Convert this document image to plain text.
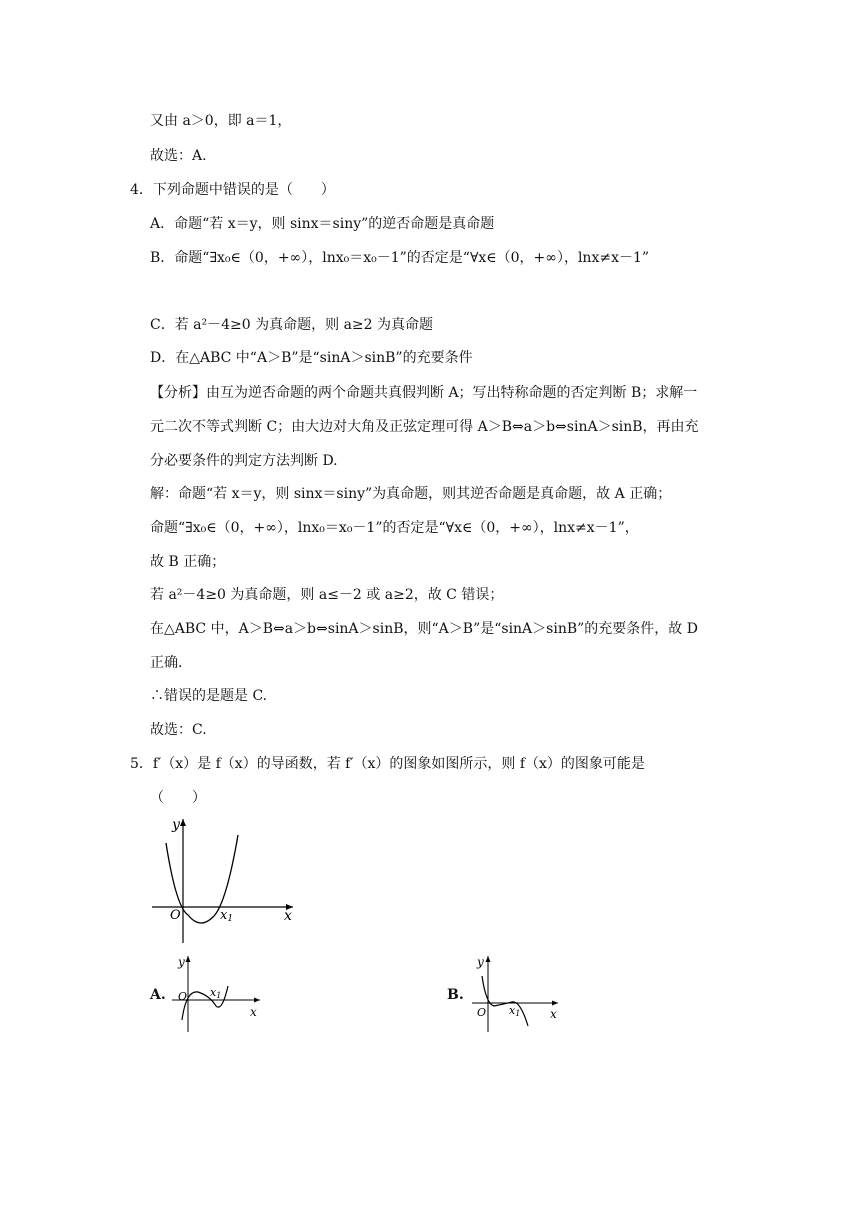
又由 a＞0，即 a＝1，
故选：A.
4．下列命题中错误的是（　　）
A．命题“若 x＝y，则 sinx＝siny”的逆否命题是真命题
B．命题“∃x₀∈（0，+∞），lnx₀＝x₀－1”的否定是“∀x∈（0，+∞），lnx≠x－1”
C．若 a²－4≥0 为真命题，则 a≥2 为真命题
D．在△ABC 中“A＞B”是“sinA＞sinB”的充要条件
【分析】由互为逆否命题的两个命题共真假判断 A；写出特称命题的否定判断 B；求解一
元二次不等式判断 C；由大边对大角及正弦定理可得 A＞B⇔a＞b⇔sinA＞sinB，再由充
分必要条件的判定方法判断 D.
解：命题“若 x＝y，则 sinx＝siny”为真命题，则其逆否命题是真命题，故 A 正确；
命题“∃x₀∈（0，+∞），lnx₀＝x₀－1”的否定是“∀x∈（0，+∞），lnx≠x－1”，
故 B 正确；
若 a²－4≥0 为真命题，则 a≤－2 或 a≥2，故 C 错误；
在△ABC 中，A＞B⇔a＞b⇔sinA＞sinB，则“A＞B”是“sinA＞sinB”的充要条件，故 D
正确.
∴错误的是题是 C.
故选：C.
5．f′（x）是 f（x）的导函数，若 f′（x）的图象如图所示，则 f（x）的图象可能是
（　　）
y
x
O	x1
A.
y
x
O x1	B.
y
x
O x1
